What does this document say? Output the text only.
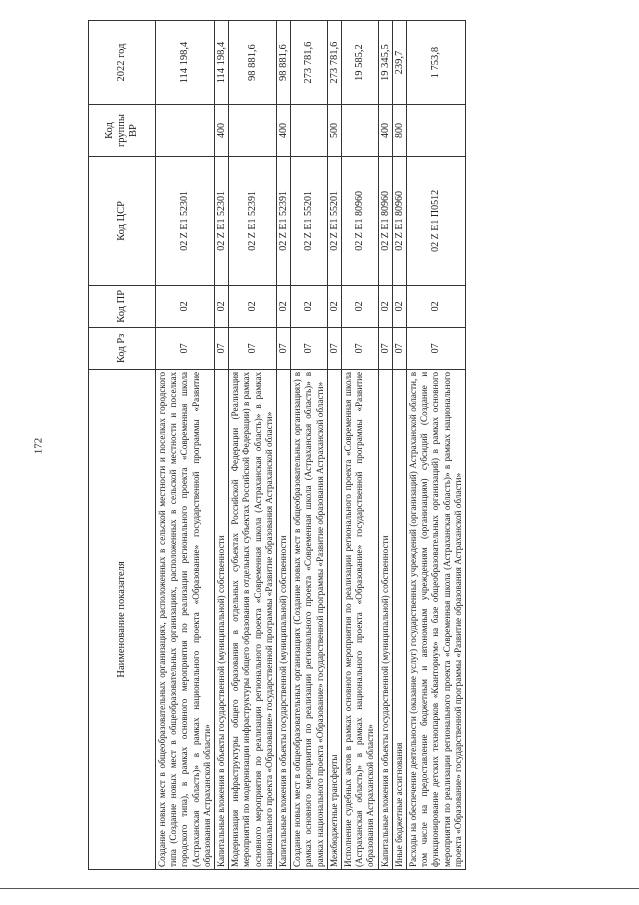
172
Наименование показателя	Код Рз	Код ПР	Код ЦСР	Код группы ВР	2022 год
Создание новых мест в общеобразовательных организациях, расположенных в сельской местности и поселках городского типа (Создание новых мест в общеобразовательных организациях, расположенных в сельской местности и поселках городского типа), в рамках основного мероприятия по реализации регионального проекта «Современная школа (Астраханская область)» в рамках национального проекта «Образование» государственной программы «Развитие образования Астраханской области»	07	02	02 Z E1 52301		114 198,4
Капитальные вложения в объекты государственной (муниципальной) собственности	07	02	02 Z E1 52301	400	114 198,4
Модернизация инфраструктуры общего образования в отдельных субъектах Российской Федерации (Реализация мероприятий по модернизации инфраструктуры общего образования в отдельных субъектах Российской Федерации) в рамках основного мероприятия по реализации регионального проекта «Современная школа (Астраханская область)» в рамках национального проекта «Образование» государственной программы «Развитие образования Астраханской области»	07	02	02 Z E1 52391		98 881,6
Капитальные вложения в объекты государственной (муниципальной) собственности	07	02	02 Z E1 52391	400	98 881,6
Создание новых мест в общеобразовательных организациях (Создание новых мест в общеобразовательных организациях) в рамках основного мероприятия по реализации регионального проекта «Современная школа (Астраханская область)» в рамках национального проекта «Образование» государственной программы «Развитие образования Астраханской области»	07	02	02 Z E1 55201		273 781,6
Межбюджетные трансферты	07	02	02 Z E1 55201	500	273 781,6
Исполнение судебных актов в рамках основного мероприятия по реализации регионального проекта «Современная школа (Астраханская область)» в рамках национального проекта «Образование» государственной программы «Развитие образования Астраханской области»	07	02	02 Z E1 80960		19 585,2
Капитальные вложения в объекты государственной (муниципальной) собственности	07	02	02 Z E1 80960	400	19 345,5
Иные бюджетные ассигнования	07	02	02 Z E1 80960	800	239,7
Расходы на обеспечение деятельности (оказание услуг) государственных учреждений (организаций) Астраханской области, в том числе на предоставление бюджетным и автономным учреждениям (организациям) субсидий (Создание и функционирование детских технопарков «Кванториум» на базе общеобразовательных организаций) в рамках основного мероприятия по реализации регионального проекта «Современная школа (Астраханская область)» в рамках национального проекта «Образование» государственной программы «Развитие образования Астраханской области»	07	02	02 Z E1 П0512		1 753,8
